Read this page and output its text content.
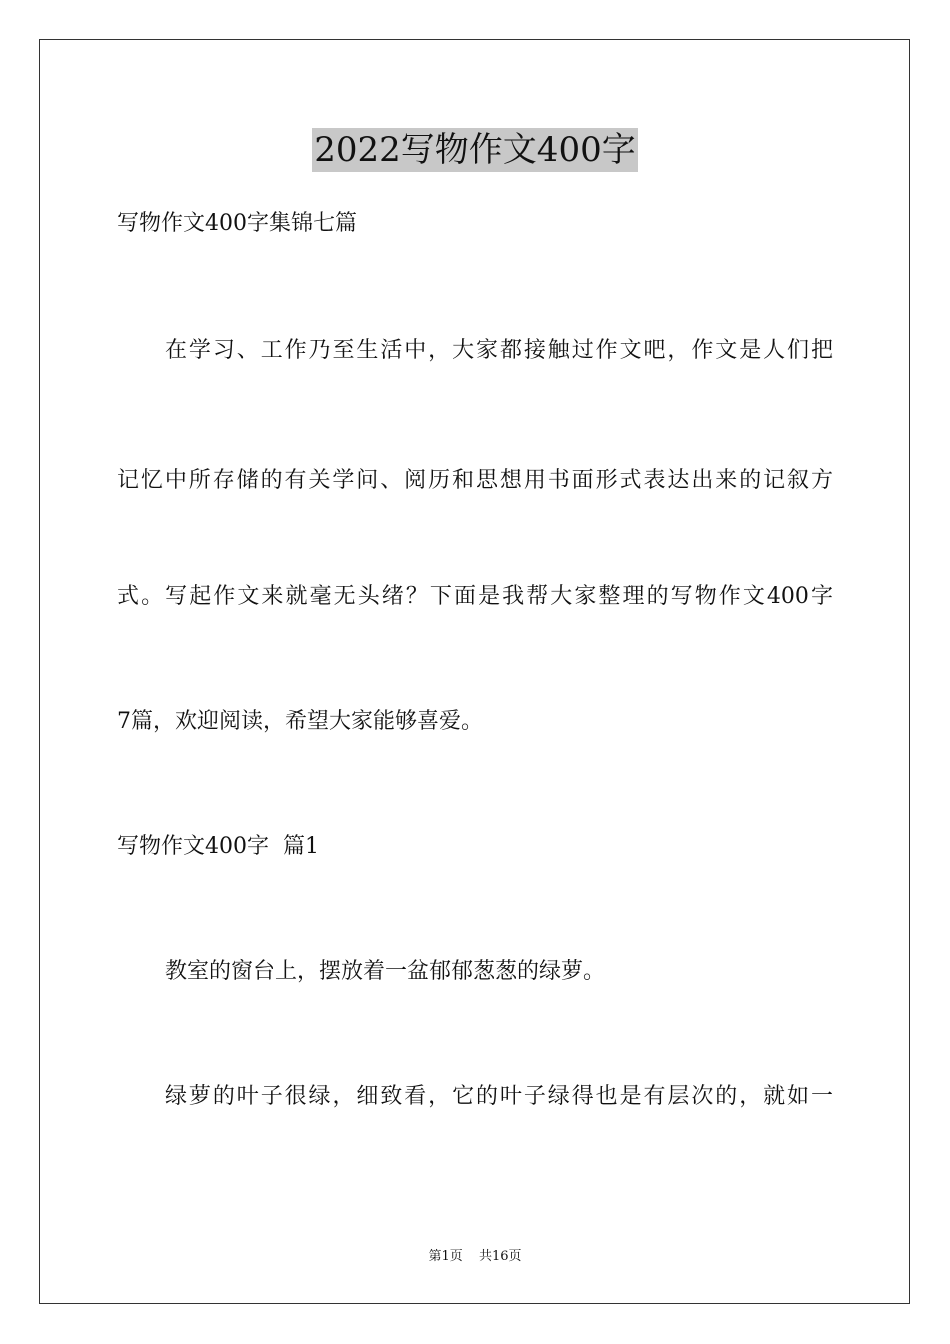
2022写物作文400字
写物作文400字集锦七篇
在学习、工作乃至生活中，大家都接触过作文吧，作文是人们把
记忆中所存储的有关学问、阅历和思想用书面形式表达出来的记叙方
式。写起作文来就毫无头绪？下面是我帮大家整理的写物作文400字
7篇，欢迎阅读，希望大家能够喜爱。
写物作文400字  篇1
教室的窗台上，摆放着一盆郁郁葱葱的绿萝。
绿萝的叶子很绿，细致看，它的叶子绿得也是有层次的，就如一
第1页 共16页
